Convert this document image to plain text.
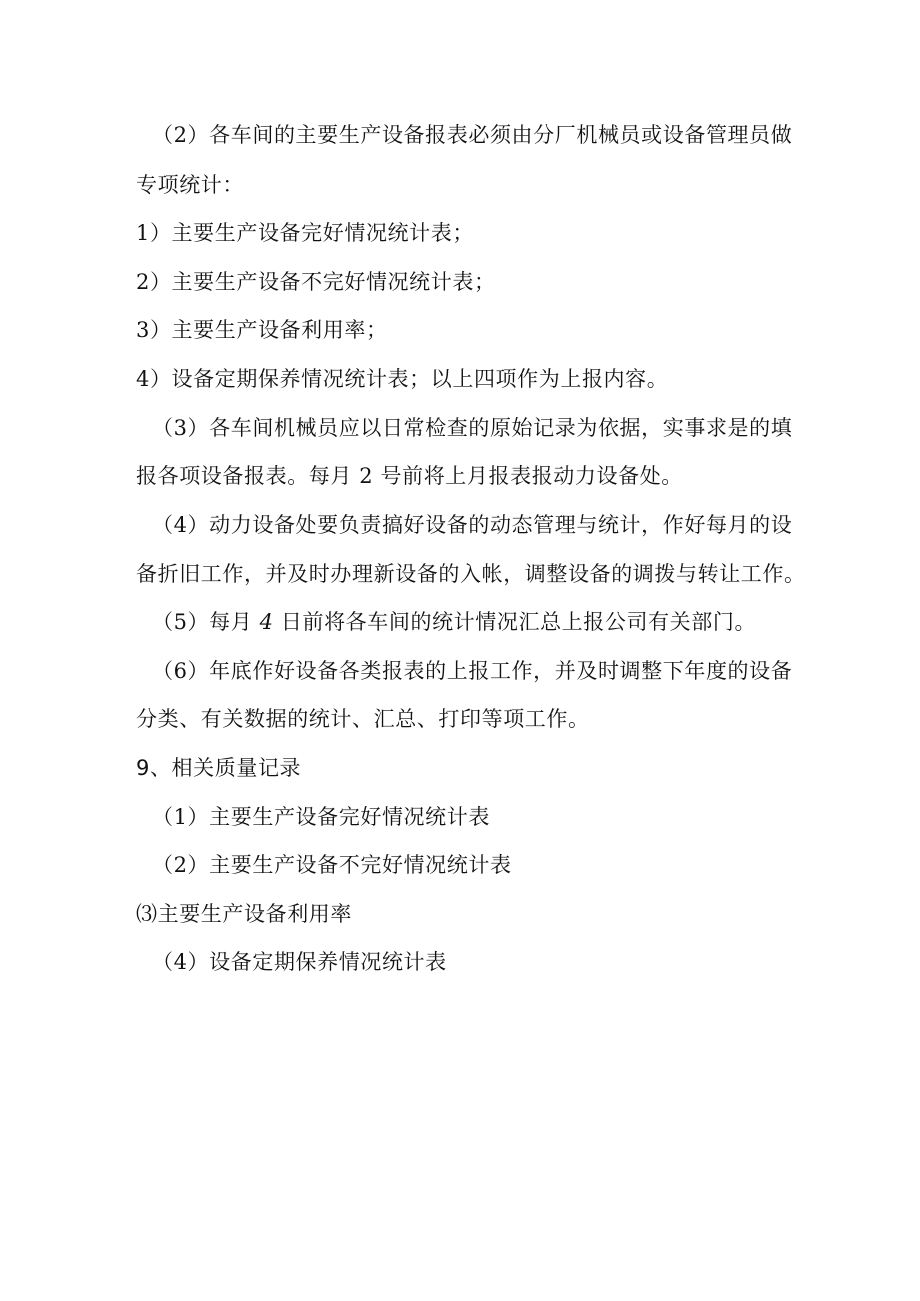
（2）各车间的主要生产设备报表必须由分厂机械员或设备管理员做
专项统计：
1）主要生产设备完好情况统计表；
2）主要生产设备不完好情况统计表；
3）主要生产设备利用率；
4）设备定期保养情况统计表；以上四项作为上报内容。
（3）各车间机械员应以日常检查的原始记录为依据，实事求是的填
报各项设备报表。每月 2 号前将上月报表报动力设备处。
（4）动力设备处要负责搞好设备的动态管理与统计，作好每月的设
备折旧工作，并及时办理新设备的入帐，调整设备的调拨与转让工作。
（5）每月 4 日前将各车间的统计情况汇总上报公司有关部门。
（6）年底作好设备各类报表的上报工作，并及时调整下年度的设备
分类、有关数据的统计、汇总、打印等项工作。
9、相关质量记录
（1）主要生产设备完好情况统计表
（2）主要生产设备不完好情况统计表
⑶主要生产设备利用率
（4）设备定期保养情况统计表
